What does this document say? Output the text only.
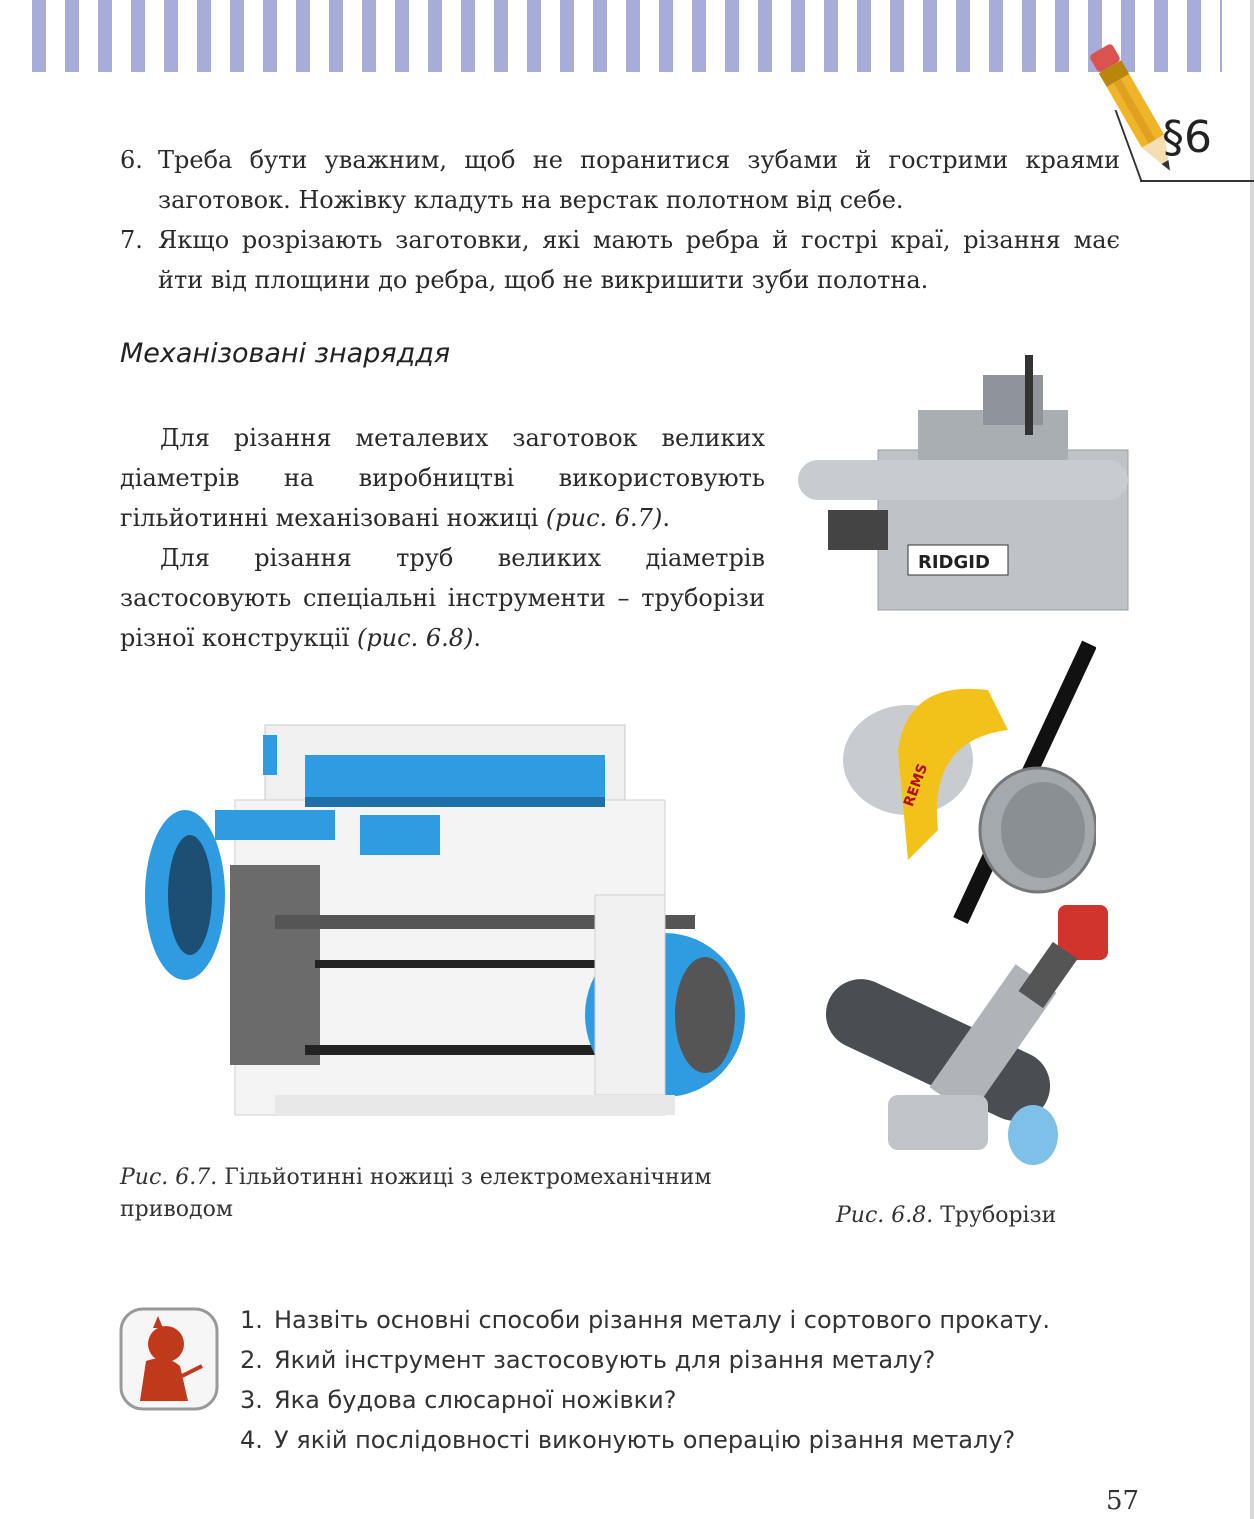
§6
6. Треба бути уважним, щоб не поранитися зубами й гострими краями заготовок. Ножівку кладуть на верстак полотном від себе.
7. Якщо розрізають заготовки, які мають ребра й гострі краї, різання має йти від площини до ребра, щоб не викришити зуби полотна.
Механізовані знаряддя
Для різання металевих заготовок великих діаметрів на виробництві використовують гільйотинні механізовані ножиці (рис. 6.7).
Для різання труб великих діаметрів застосовують спеціальні інструменти – труборізи різної конструкції (рис. 6.8).
Рис. 6.7. Гільйотинні ножиці з електромеханічним приводом
RIDGID
REMS
Рис. 6.8. Труборізи
1. Назвіть основні способи різання металу і сортового прокату.
2. Який інструмент застосовують для різання металу?
3. Яка будова слюсарної ножівки?
4. У якій послідовності виконують операцію різання металу?
57
